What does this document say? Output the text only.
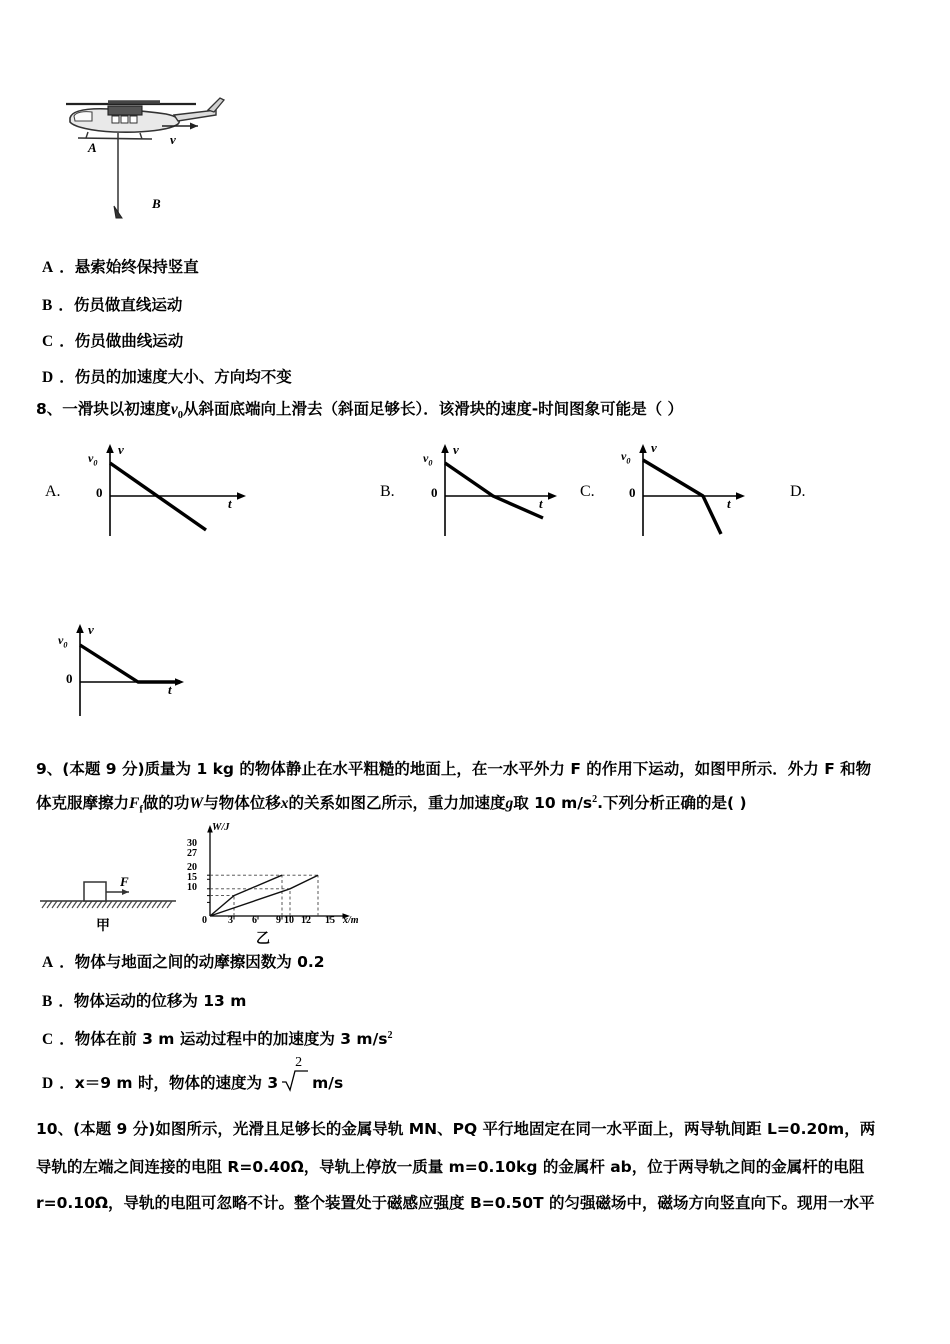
A
v
B
A ．悬索始终保持竖直
B ．伤员做直线运动
C ．伤员做曲线运动
D ．伤员的加速度大小、方向均不变
8、一滑块以初速度$v_0$从斜面底端向上滑去（斜面足够长）．该滑块的速度-时间图象可能是（ ）
A.
v
t
0
$v_0$
B.
v
t
0
$v_0$
C.
v
t
0
$v_0$
D.
v
t
0
$v_0$
9、(本题 9 分)质量为 1 kg 的物体静止在水平粗糙的地面上，在一水平外力 F 的作用下运动，如图甲所示．外力 F 和物
体克服摩擦力$F_f$做的功W与物体位移x的关系如图乙所示，重力加速度g取 10 $m/s^2$.下列分析正确的是( )
F
甲
30
27
20
15
10
W/J
0 3 6 9 10 12 15 x/m
乙
A ．物体与地面之间的动摩擦因数为 0.2
B ．物体运动的位移为 13 m
C ．物体在前 3 m 运动过程中的加速度为 3 $m/s^2$
D ．x＝9 m 时，物体的速度为 3
2
m/s
10、(本题 9 分)如图所示，光滑且足够长的金属导轨 MN、PQ 平行地固定在同一水平面上，两导轨间距 L=0.20m，两
导轨的左端之间连接的电阻 R=0.40Ω，导轨上停放一质量 m=0.10kg 的金属杆 ab，位于两导轨之间的金属杆的电阻
r=0.10Ω，导轨的电阻可忽略不计。整个装置处于磁感应强度 B=0.50T 的匀强磁场中，磁场方向竖直向下。现用一水平
